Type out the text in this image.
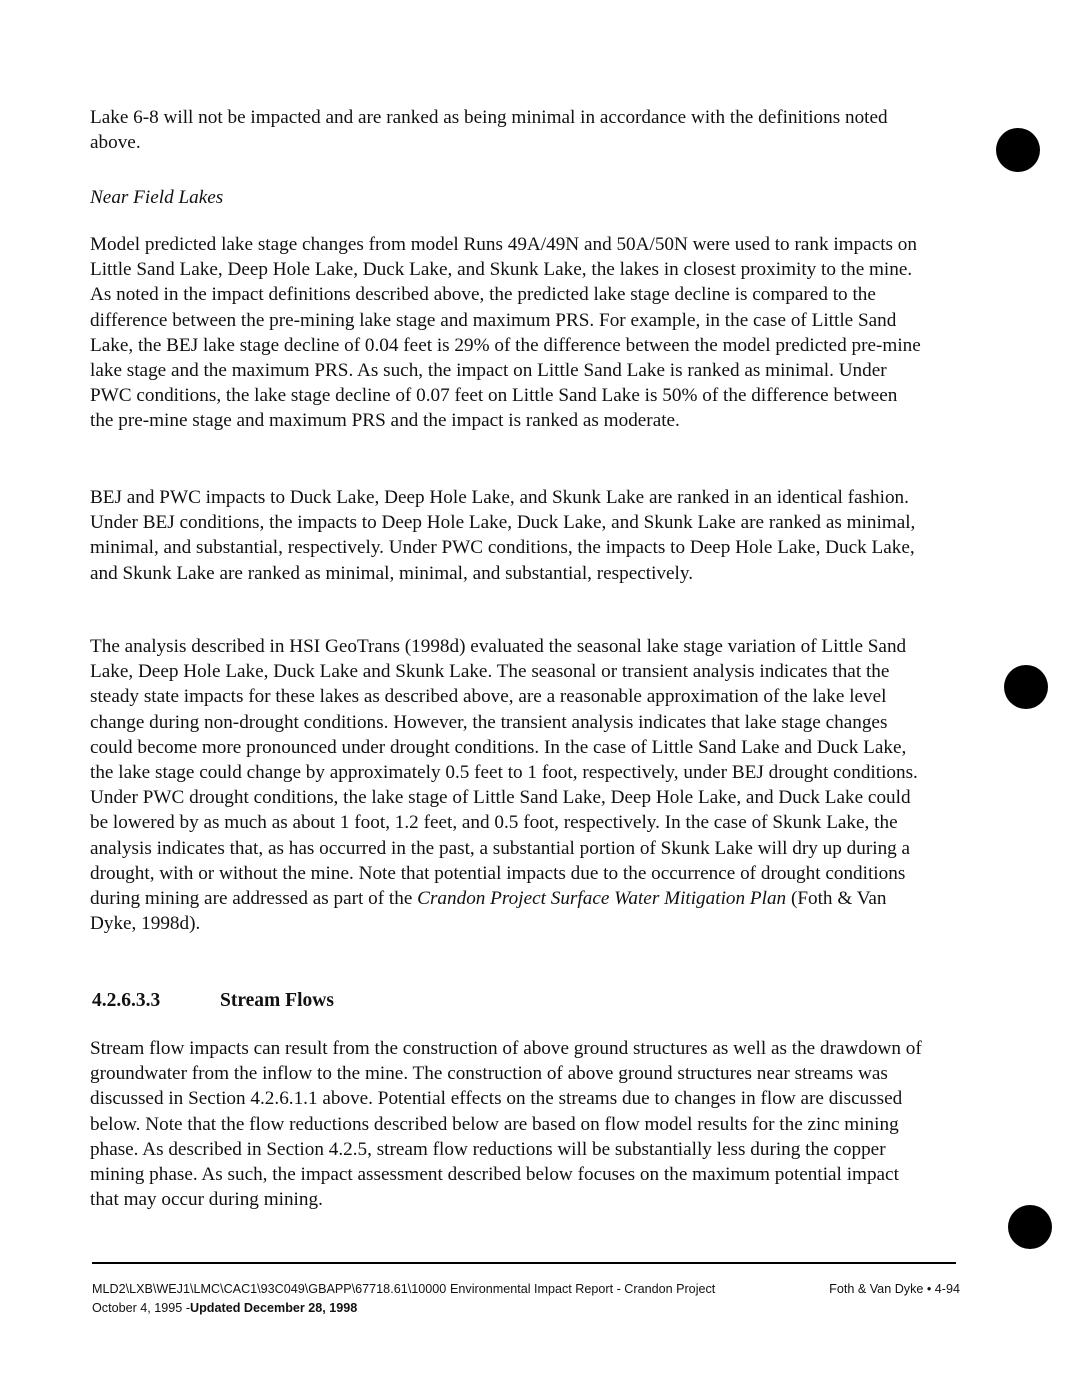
Lake 6-8 will not be impacted and are ranked as being minimal in accordance with the definitions noted above.

Near Field Lakes

Model predicted lake stage changes from model Runs 49A/49N and 50A/50N were used to rank impacts on Little Sand Lake, Deep Hole Lake, Duck Lake, and Skunk Lake, the lakes in closest proximity to the mine. As noted in the impact definitions described above, the predicted lake stage decline is compared to the difference between the pre-mining lake stage and maximum PRS. For example, in the case of Little Sand Lake, the BEJ lake stage decline of 0.04 feet is 29% of the difference between the model predicted pre-mine lake stage and the maximum PRS. As such, the impact on Little Sand Lake is ranked as minimal. Under PWC conditions, the lake stage decline of 0.07 feet on Little Sand Lake is 50% of the difference between the pre-mine stage and maximum PRS and the impact is ranked as moderate.

BEJ and PWC impacts to Duck Lake, Deep Hole Lake, and Skunk Lake are ranked in an identical fashion. Under BEJ conditions, the impacts to Deep Hole Lake, Duck Lake, and Skunk Lake are ranked as minimal, minimal, and substantial, respectively. Under PWC conditions, the impacts to Deep Hole Lake, Duck Lake, and Skunk Lake are ranked as minimal, minimal, and substantial, respectively.

The analysis described in HSI GeoTrans (1998d) evaluated the seasonal lake stage variation of Little Sand Lake, Deep Hole Lake, Duck Lake and Skunk Lake. The seasonal or transient analysis indicates that the steady state impacts for these lakes as described above, are a reasonable approximation of the lake level change during non-drought conditions. However, the transient analysis indicates that lake stage changes could become more pronounced under drought conditions. In the case of Little Sand Lake and Duck Lake, the lake stage could change by approximately 0.5 feet to 1 foot, respectively, under BEJ drought conditions. Under PWC drought conditions, the lake stage of Little Sand Lake, Deep Hole Lake, and Duck Lake could be lowered by as much as about 1 foot, 1.2 feet, and 0.5 foot, respectively. In the case of Skunk Lake, the analysis indicates that, as has occurred in the past, a substantial portion of Skunk Lake will dry up during a drought, with or without the mine. Note that potential impacts due to the occurrence of drought conditions during mining are addressed as part of the Crandon Project Surface Water Mitigation Plan (Foth & Van Dyke, 1998d).

4.2.6.3.3	Stream Flows

Stream flow impacts can result from the construction of above ground structures as well as the drawdown of groundwater from the inflow to the mine. The construction of above ground structures near streams was discussed in Section 4.2.6.1.1 above. Potential effects on the streams due to changes in flow are discussed below. Note that the flow reductions described below are based on flow model results for the zinc mining phase. As described in Section 4.2.5, stream flow reductions will be substantially less during the copper mining phase. As such, the impact assessment described below focuses on the maximum potential impact that may occur during mining.

MLD2\LXB\WEJ1\LMC\CAC1\93C049\GBAPP\67718.61\10000 Environmental Impact Report - Crandon Project	Foth & Van Dyke • 4-94
October 4, 1995 - Updated December 28, 1998
